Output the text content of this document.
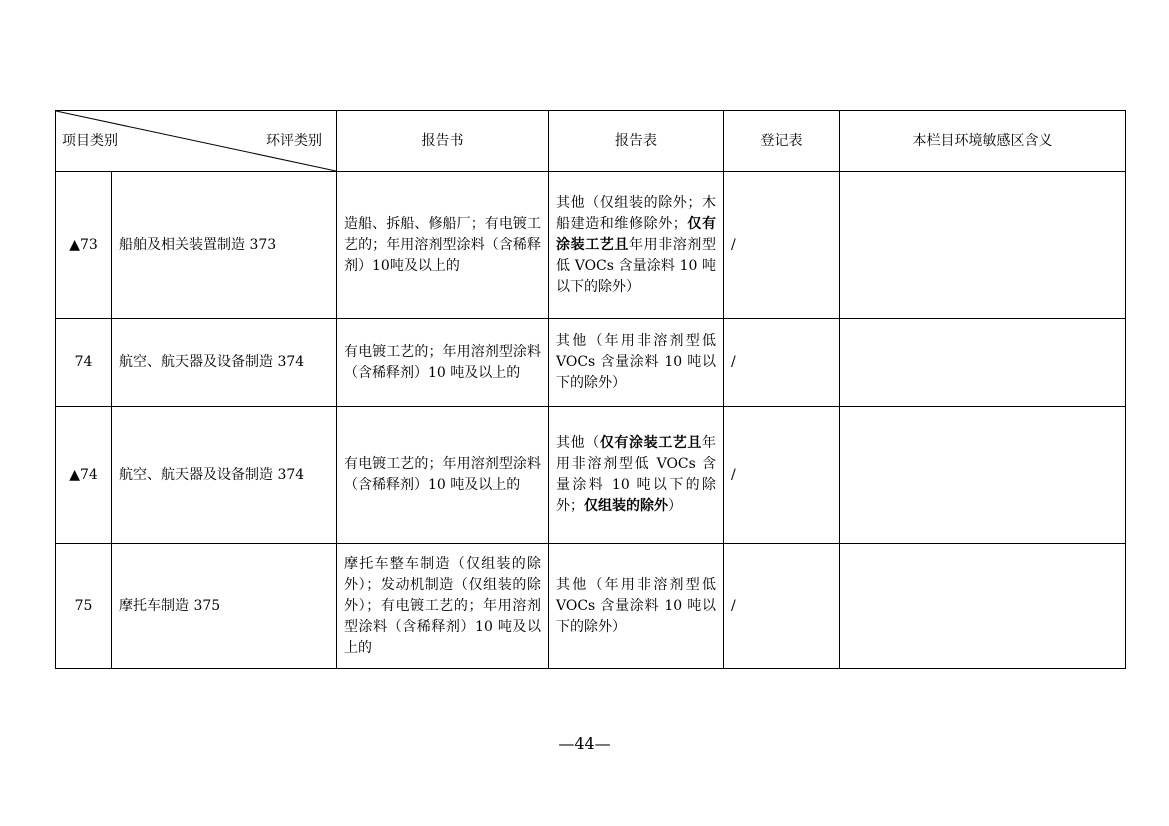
项目类别 环评类别		报告书	报告表	登记表	本栏目环境敏感区含义
▲73	船舶及相关装置制造 373	造船、拆船、修船厂；有电镀工艺的；年用溶剂型涂料（含稀释剂）10吨及以上的	其他（仅组装的除外；木船建造和维修除外；仅有涂装工艺且年用非溶剂型低 VOCs 含量涂料 10 吨以下的除外）	/	
74	航空、航天器及设备制造 374	有电镀工艺的；年用溶剂型涂料（含稀释剂）10 吨及以上的	其他（年用非溶剂型低 VOCs 含量涂料 10 吨以下的除外）	/	
▲74	航空、航天器及设备制造 374	有电镀工艺的；年用溶剂型涂料（含稀释剂）10 吨及以上的	其他（仅有涂装工艺且年用非溶剂型低 VOCs 含量涂料 10 吨以下的除外；仅组装的除外）	/	
75	摩托车制造 375	摩托车整车制造（仅组装的除外）；发动机制造（仅组装的除外）；有电镀工艺的；年用溶剂型涂料（含稀释剂）10 吨及以上的	其他（年用非溶剂型低 VOCs 含量涂料 10 吨以下的除外）	/	
—44—
